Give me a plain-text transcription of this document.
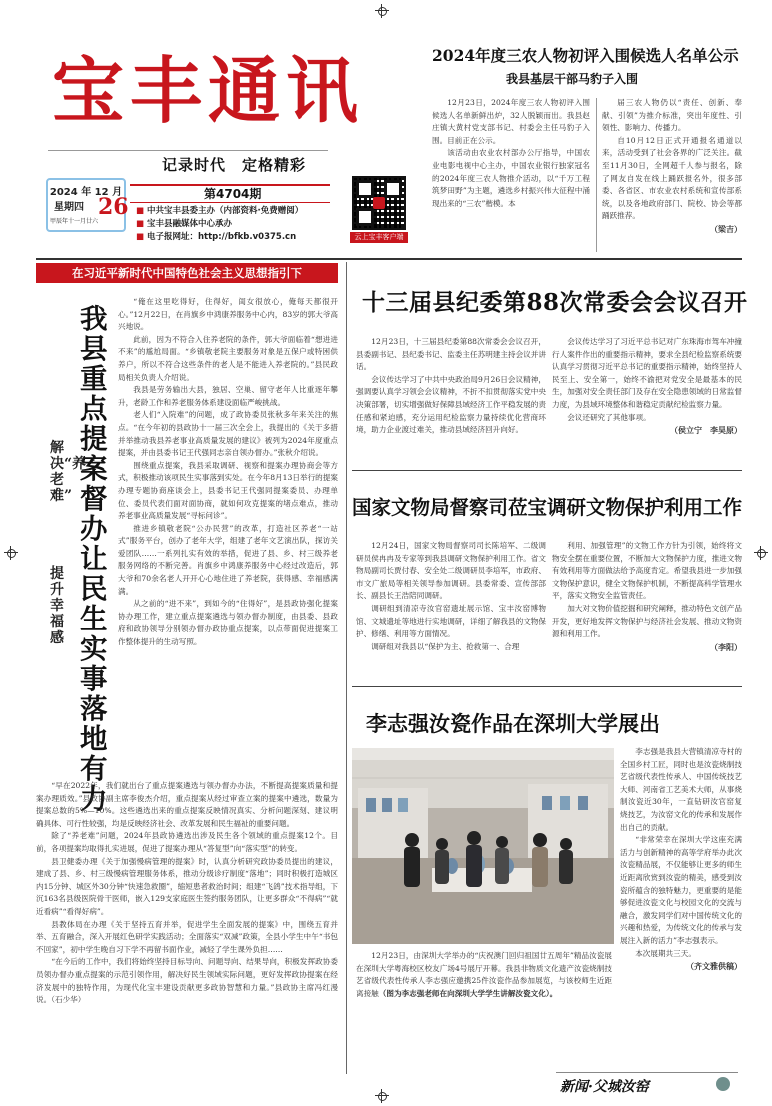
宝丰通讯
记录时代　定格精彩
第4704期
2024 年 12 月
星期四
甲辰年十一月廿六
26 ■ 中共宝丰县委主办（内部资料·免费赠阅）
■ 宝丰县融媒体中心承办
■ 电子报网址：http://bfkb.v0375.cn	云上宝丰客户端
2024年度三农人物初评入围候选人名单公示
我县基层干部马豹子入围

12月23日，2024年度三农人物初评入围候选人名单新鲜出炉，32人脱颖而出。我县赵庄镇大黄村党支部书记、村委会主任马豹子入围。目前正在公示。

该活动由农业农村部办公厅指导，中国农业电影电视中心主办，中国农业银行独家冠名的2024年度三农人物推介活动，以“千万工程 筑梦田野”为主题，遴选乡村振兴伟大征程中涌现出来的“三农”楷模。本

届三农人物仍以“责任、创新、奉献、引领”为推介标准，突出年度性、引领性、影响力、传播力。

自10月12日正式开通报名通道以来，活动受到了社会各界的广泛关注。截至11月30日，全网超千人参与报名，除了网友自发在线上踊跃报名外，很多部委、各省区、市农业农村系统和宣传部系统，以及各地政府部门、院校、协会等都踊跃推荐。

（梁吉）
在习近平新时代中国特色社会主义思想指引下
我县重点提案督办让民生实事落地有力
解决“养老难”
提升幸福感

“俺在这里吃得好，住得好，闺女很放心，俺每天都很开心。”12月22日，在肖旗乡中鸿康养服务中心内，83岁的郭大爷高兴地说。

此前，因为不符合入住养老院的条件，郭大爷面临着“想进进不来”的尴尬局面。“乡镇敬老院主要服务对象是五保户或特困供养户，所以不符合这些条件的老人是不能进入养老院的。”县民政局相关负责人介绍说。

我县是劳务输出大县，独居、空巢、留守老年人比重逐年攀升，老龄工作和养老服务体系建设面临严峻挑战。

老人们“入院难”的问题，成了政协委员张秋多年来关注的焦点。“在今年初的县政协十一届三次全会上，我提出的《关于多措并举推动我县养老事业高质量发展的建议》被列为2024年度重点提案，并由县委书记王代强同志亲自领办督办。”张秋介绍说。

围绕重点提案，我县采取调研、视察和提案办理协商会等方式，积极推动该项民生实事落到实处。在今年8月13日举行的提案办理专题协商座谈会上，县委书记王代强同提案委员、办理单位、委员代表们面对面协商，就如何攻克提案的堵点难点，推动养老事业高质量发展“寻标问诊”。

推进乡镇敬老院“公办民营”的改革，打造社区养老“一站式”服务平台，创办了老年大学，组建了老年文艺演出队，探访关爱团队……一系列扎实有效的举措，促进了县、乡、村三级养老服务网络的不断完善。肖旗乡中鸿康养服务中心经过改造后，郭大爷和70余名老人开开心心地住进了养老院，获得感、幸福感满满。

从之前的“进不来”，到如今的“住得好”，是县政协强化提案协办理工作，建立重点提案遴选与领办督办制度，由县委、县政府和政协领导分别领办督办政协重点提案，以点带面促进提案工作整体提升的生动写照。

“早在2022年，我们就出台了重点提案遴选与领办督办办法，不断提高提案质量和提案办理质效。”县政协副主席李俊杰介绍，重点提案从经过审查立案的提案中遴选，数量为提案总数的5%—10%。这些遴选出来的重点提案反映情况真实、分析问题深刻、建议明确具体、可行性较强，均是反映经济社会、改革发展和民生福祉的重要问题。

除了“养老难”问题，2024年县政协遴选出涉及民生各个领域的重点提案12个。目前，各项提案均取得扎实进展，促进了提案办理从“答复型”向“落实型”的转变。

县卫健委办理《关于加强慢病管理的提案》时，认真分析研究政协委员提出的建议，建成了县、乡、村三级慢病管理服务体系，推动分级诊疗制度“落地”；同时积极打造城区内15分钟、城区外30分钟“快速急救圈”，缩短患者救治时间；组建“飞鸽”技术指导组，下沉163名县级医院骨干医师，嵌入129支家庭医生签约服务团队，让更多群众“不得病”“就近看病”“看得好病”。

县教体局在办理《关于坚持五育并举，促进学生全面发展的提案》中，围绕五育并举、五育融合，深入开展红色研学实践活动；全面落实“双减”政策，全县小学生中午“书包不回家”，初中学生晚自习下学不再留书面作业，减轻了学生课外负担……

“在今后的工作中，我们将始终坚持目标导向、问题导向、结果导向，积极发挥政协委员领办督办重点提案的示范引领作用，解决好民生领域实际问题，更好发挥政协提案在经济发展中的独特作用，为现代化宝丰建设贡献更多政协智慧和力量。”县政协主席冯红漫说。（石少华）

十三届县纪委第88次常委会会议召开

12月23日，十三届县纪委第88次常委会会议召开，县委副书记、县纪委书记、监委主任苏明建主持会议并讲话。

会议传达学习了中共中央政治局9月26日会议精神，强调要认真学习领会会议精神，不折不扣贯彻落实党中央决策部署，切实增强做好保障县域经济工作平稳发展的责任感和紧迫感，充分运用纪检监察力量持续优化营商环境，助力企业渡过难关，推动县域经济回升向好。

会议传达学习了习近平总书记对广东珠海市驾车冲撞行人案件作出的重要指示精神，要求全县纪检监察系统要认真学习贯彻习近平总书记的重要指示精神，始终坚持人民至上、安全第一，始终不渝把对党安全是最基本的民生，加强对安全责任部门及存在安全隐患领域的日常监督力度，为县域环境整体和谐稳定贡献纪检监察力量。

会议还研究了其他事项。

（侯立宁　李昊原）
国家文物局督察司莅宝调研文物保护利用工作

12月24日，国家文物局督察司司长陈培军、二级调研员侯冉冉及专家等到我县调研文物保护利用工作。省文物局副司长贾付春、安全处二级调研员李培军，市政府、市文广旅局等相关领导参加调研。县委常委、宣传部部长、副县长王浩陪同调研。

调研组到清凉寺汝官窑遗址展示馆、宝丰汝窑博物馆、文城遗址等地进行实地调研，详细了解我县的文物保护、修缮、利用等方面情况。

调研组对我县以“保护为主、抢救第一、合理

利用、加强管理”的文物工作方针为引领，始终将文物安全摆在重要位置，不断加大文物保护力度，推进文物有效利用等方面做法给予高度肯定。希望我县进一步加强文物保护意识，健全文物保护机制，不断提高科学管理水平，落实文物安全监管责任。

加大对文物价值挖掘和研究阐释，推动特色文创产品开发，更好地发挥文物保护与经济社会发展、推动文物资源和利用工作。

（李阳）
李志强汝瓷作品在深圳大学展出

李志强是我县大营镇清凉寺村的全国乡村工匠，同时也是汝瓷烧制技艺省级代表性传承人、中国传统技艺大师、河南省工艺美术大师，从事烧制汝瓷近30年，一直钻研汝官窑复烧技艺，为汝窑文化的传承和发展作出自己的贡献。

“非常荣幸在深圳大学这座充满活力与创新精神的高等学府举办此次汝瓷精品展，不仅能够让更多的师生近距离欣赏到汝瓷的精美，感受到汝瓷所蕴含的独特魅力，更重要的是能够促进汝瓷文化与校园文化的交流与融合，激发同学们对中国传统文化的兴趣和热爱，为传统文化的传承与发展注入新的活力”李志强表示。

本次展期共三天。

（齐文雅供稿）

12月23日，由深圳大学举办的“庆祝澳门回归祖国廿五周年”精品汝瓷展在深圳大学粤海校区校友广场4号展厅开幕。我县非物质文化遗产汝瓷烧制技艺省级代表性传承人李志强应邀携25件汝瓷作品参加展览，与该校师生近距离接触（图为李志强老师在向深圳大学学生讲解汝瓷文化）。

新闻·父城汝窑
